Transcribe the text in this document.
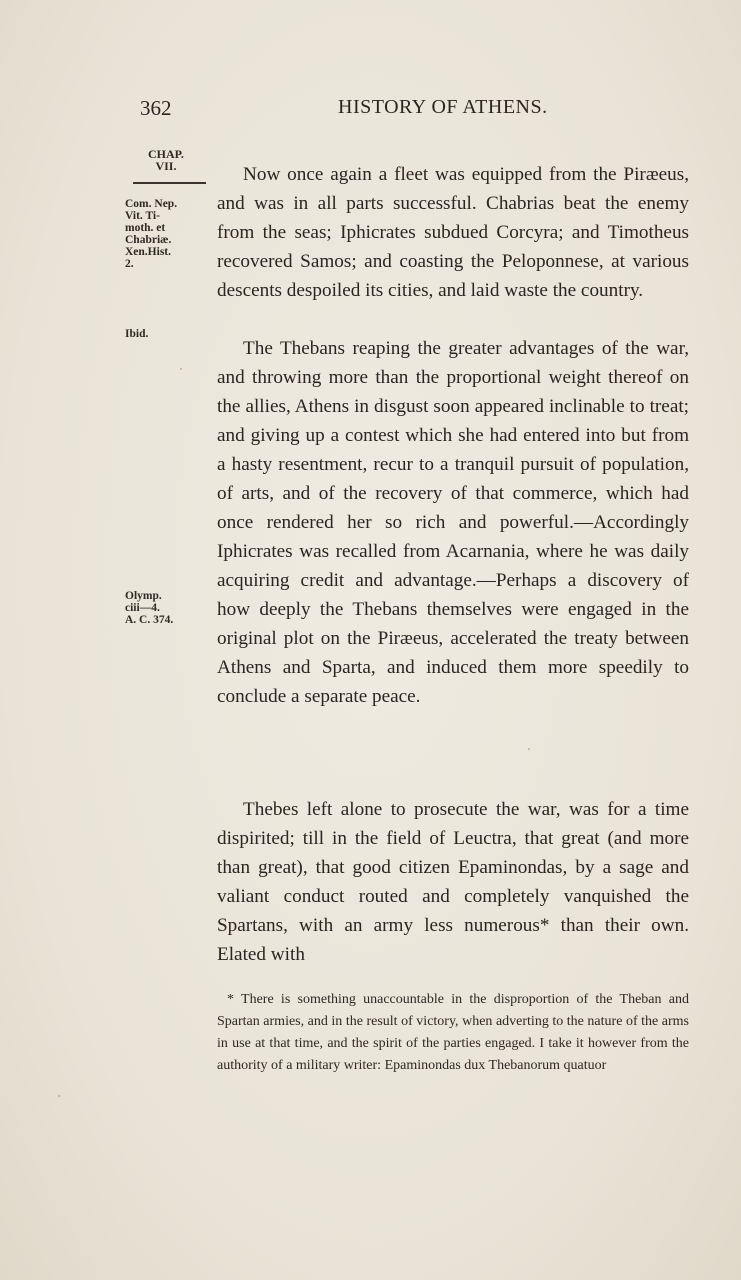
362	HISTORY OF ATHENS.
CHAP.
VII.
Com. Nep.
Vit. Ti-
moth. et
Chabriæ.
Xen.Hist.
2.
Ibid.
Olymp.
ciii—4.
A. C. 374.

Now once again a fleet was equipped from the Piræeus, and was in all parts successful. Chabrias beat the enemy from the seas; Iphicrates subdued Corcyra; and Timotheus recovered Samos; and coasting the Peloponnese, at various descents despoiled its cities, and laid waste the country.

The Thebans reaping the greater advantages of the war, and throwing more than the proportional weight thereof on the allies, Athens in disgust soon appeared inclinable to treat; and giving up a contest which she had entered into but from a hasty resentment, recur to a tranquil pursuit of population, of arts, and of the recovery of that commerce, which had once rendered her so rich and powerful.—Accordingly Iphicrates was recalled from Acarnania, where he was daily acquiring credit and advantage.—Perhaps a discovery of how deeply the Thebans themselves were engaged in the original plot on the Piræeus, accelerated the treaty between Athens and Sparta, and induced them more speedily to conclude a separate peace.

Thebes left alone to prosecute the war, was for a time dispirited; till in the field of Leuctra, that great (and more than great), that good citizen Epaminondas, by a sage and valiant conduct routed and completely vanquished the Spartans, with an army less numerous* than their own. Elated with

* There is something unaccountable in the disproportion of the Theban and Spartan armies, and in the result of victory, when adverting to the nature of the arms in use at that time, and the spirit of the parties engaged. I take it however from the authority of a military writer: Epaminondas dux Thebanorum quatuor
